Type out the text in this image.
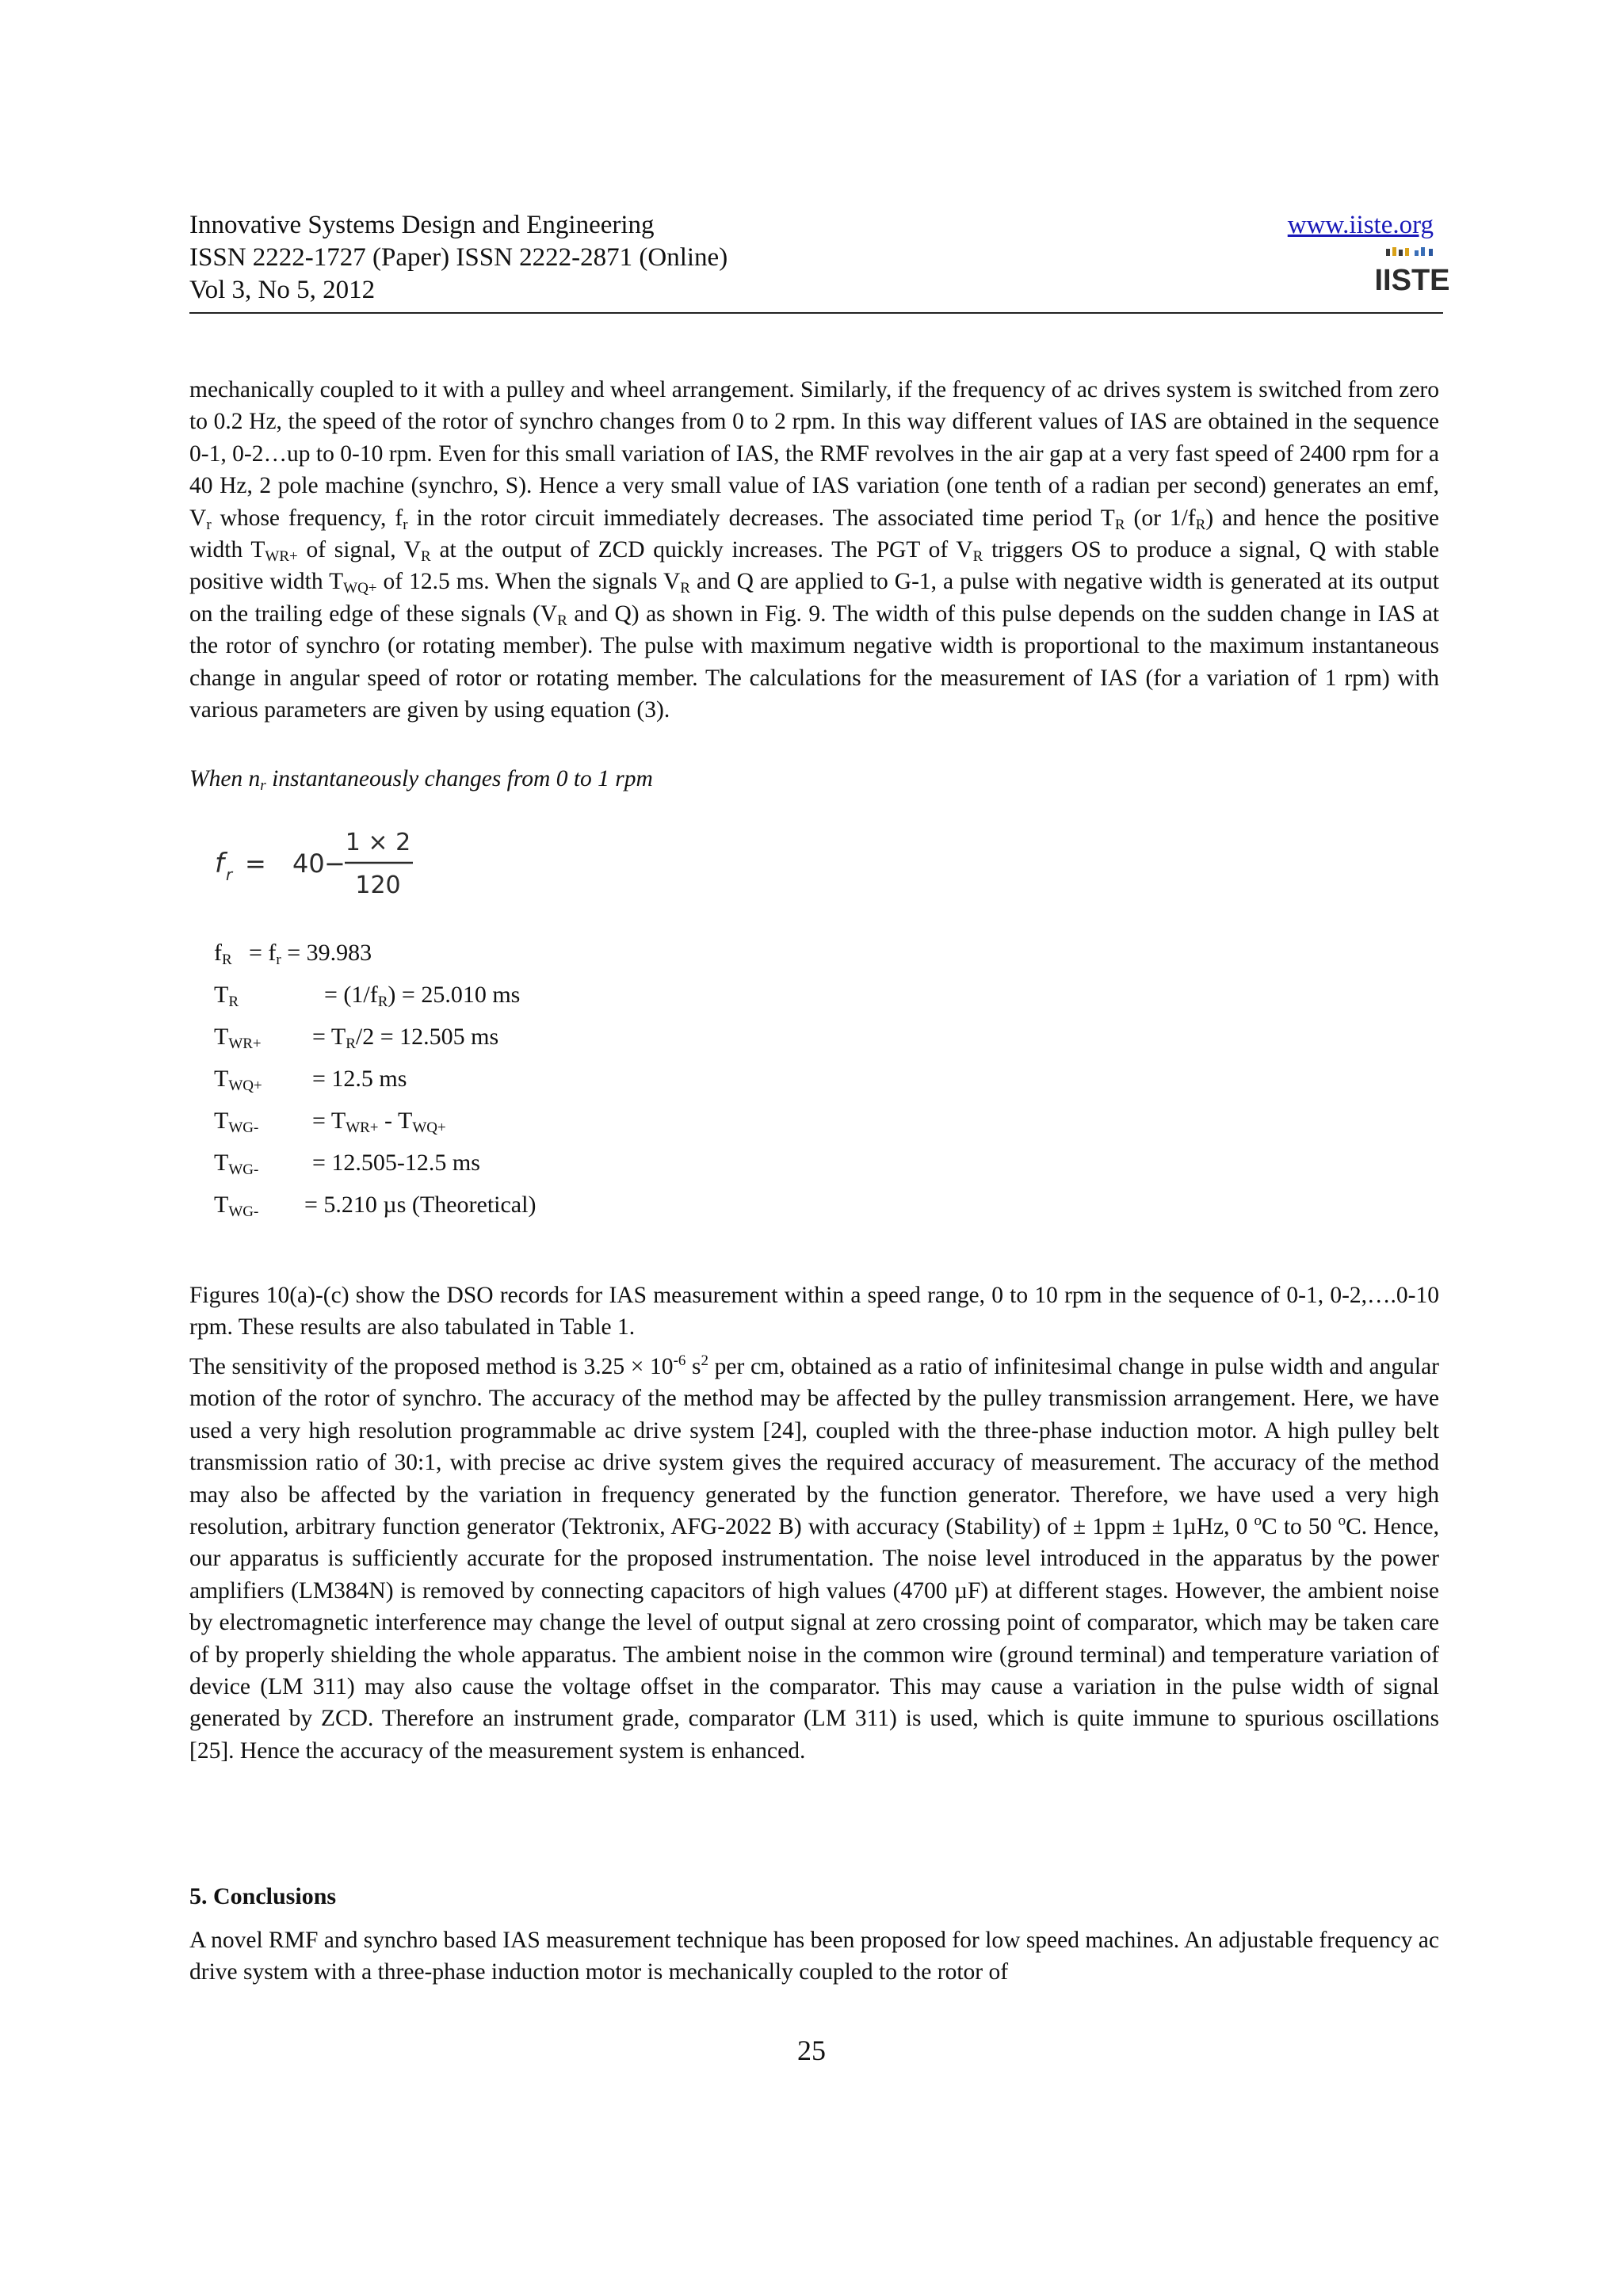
Innovative Systems Design and Engineering
ISSN 2222-1727 (Paper) ISSN 2222-2871 (Online)
Vol 3, No 5, 2012
www.iiste.org
IISTE

mechanically coupled to it with a pulley and wheel arrangement. Similarly, if the frequency of ac drives system is switched from zero to 0.2 Hz, the speed of the rotor of synchro changes from 0 to 2 rpm. In this way different values of IAS are obtained in the sequence 0-1, 0-2…up to 0-10 rpm. Even for this small variation of IAS, the RMF revolves in the air gap at a very fast speed of 2400 rpm for a 40 Hz, 2 pole machine (synchro, S). Hence a very small value of IAS variation (one tenth of a radian per second) generates an emf, $V_r$ whose frequency, $f_r$ in the rotor circuit immediately decreases. The associated time period $T_R$ (or $1/f_R$) and hence the positive width $T_{WR+}$ of signal, $V_R$ at the output of ZCD quickly increases. The PGT of $V_R$ triggers OS to produce a signal, Q with stable positive width $T_{WQ+}$ of 12.5 ms. When the signals $V_R$ and Q are applied to G-1, a pulse with negative width is generated at its output on the trailing edge of these signals ($V_R$ and Q) as shown in Fig. 9. The width of this pulse depends on the sudden change in IAS at the rotor of synchro (or rotating member). The pulse with maximum negative width is proportional to the maximum instantaneous change in angular speed of rotor or rotating member. The calculations for the measurement of IAS (for a variation of 1 rpm) with various parameters are given by using equation (3).

When $n_r$ instantaneously changes from 0 to 1 rpm
f r = 40 −
1 × 2
120
$f_R = f_r = 39.983$
$T_R$	= $(1/f_R) = 25.010$ ms
$T_{WR+} = T_R/2 = 12.505$ ms
$T_{WQ+} = 12.5$ ms
$T_{WG-} = T_{WR+} - T_{WQ+}$
$T_{WG-} = 12.505-12.5$ ms
$T_{WG-} = 5.210$ µs (Theoretical)

Figures 10(a)-(c) show the DSO records for IAS measurement within a speed range, 0 to 10 rpm in the sequence of 0-1, 0-2,….0-10 rpm. These results are also tabulated in Table 1.

The sensitivity of the proposed method is $3.25 \times 10^{-6}$ $s^2$ per cm, obtained as a ratio of infinitesimal change in pulse width and angular motion of the rotor of synchro. The accuracy of the method may be affected by the pulley transmission arrangement. Here, we have used a very high resolution programmable ac drive system [24], coupled with the three-phase induction motor. A high pulley belt transmission ratio of 30:1, with precise ac drive system gives the required accuracy of measurement. The accuracy of the method may also be affected by the variation in frequency generated by the function generator. Therefore, we have used a very high resolution, arbitrary function generator (Tektronix, AFG-2022 B) with accuracy (Stability) of ± 1ppm ± 1µHz, 0 $^o$C to 50 $^o$C. Hence, our apparatus is sufficiently accurate for the proposed instrumentation. The noise level introduced in the apparatus by the power amplifiers (LM384N) is removed by connecting capacitors of high values (4700 µF) at different stages. However, the ambient noise by electromagnetic interference may change the level of output signal at zero crossing point of comparator, which may be taken care of by properly shielding the whole apparatus. The ambient noise in the common wire (ground terminal) and temperature variation of device (LM 311) may also cause the voltage offset in the comparator. This may cause a variation in the pulse width of signal generated by ZCD. Therefore an instrument grade, comparator (LM 311) is used, which is quite immune to spurious oscillations [25]. Hence the accuracy of the measurement system is enhanced.

5. Conclusions

A novel RMF and synchro based IAS measurement technique has been proposed for low speed machines. An adjustable frequency ac drive system with a three-phase induction motor is mechanically coupled to the rotor of

25
